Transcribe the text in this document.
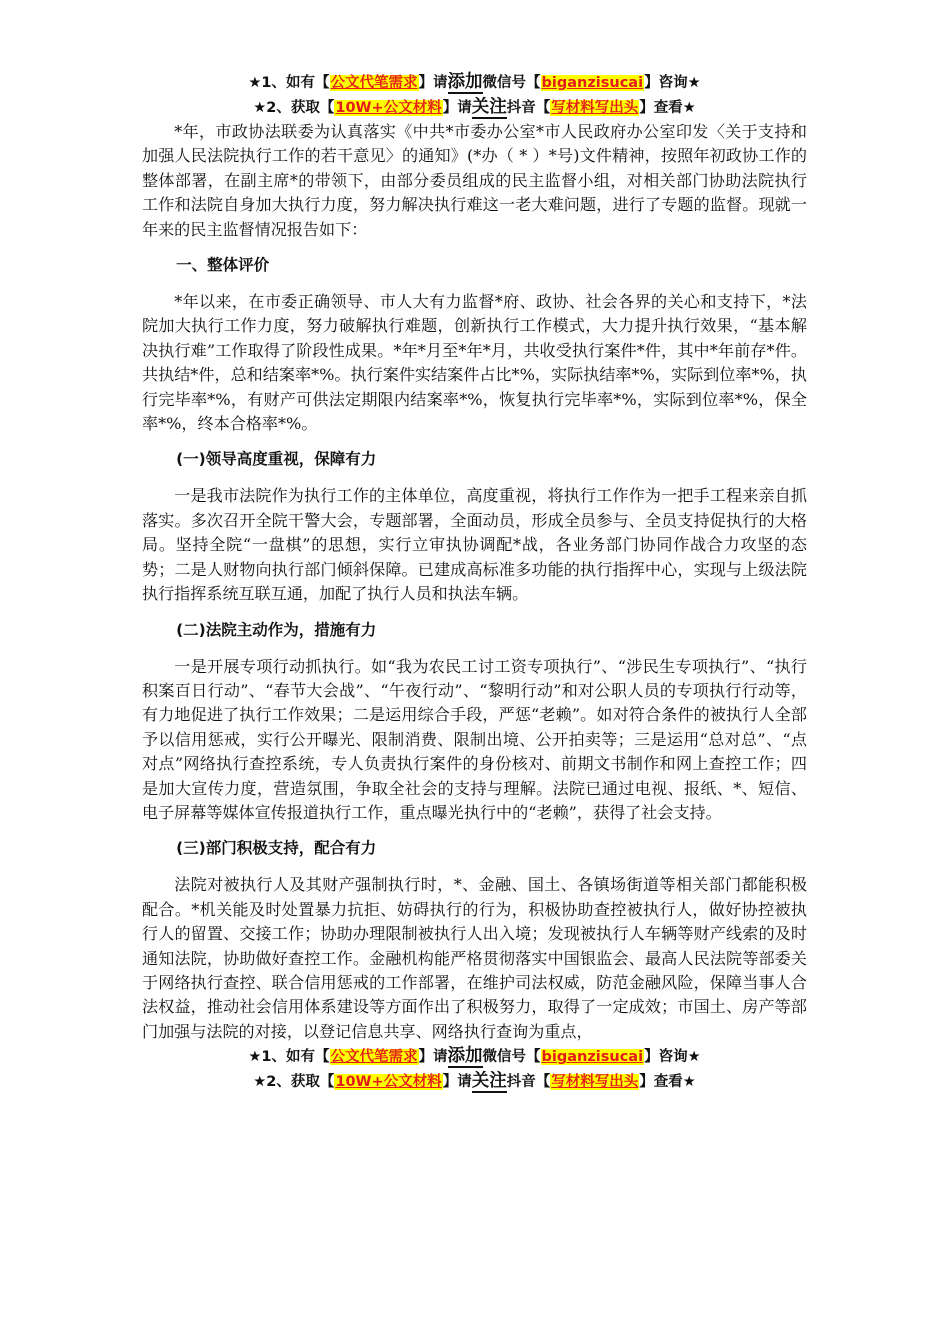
★1、如有【公文代笔需求】请添加微信号【biganzisucai】咨询★
★2、获取【10W+公文材料】请关注抖音【写材料写出头】查看★

*年，市政协法联委为认真落实《中共*市委办公室*市人民政府办公室印发〈关于支持和加强人民法院执行工作的若干意见〉的通知》(*办（ * ）*号)文件精神，按照年初政协工作的整体部署，在副主席*的带领下，由部分委员组成的民主监督小组，对相关部门协助法院执行工作和法院自身加大执行力度，努力解决执行难这一老大难问题，进行了专题的监督。现就一年来的民主监督情况报告如下：

一、整体评价

*年以来，在市委正确领导、市人大有力监督*府、政协、社会各界的关心和支持下，*法院加大执行工作力度，努力破解执行难题，创新执行工作模式，大力提升执行效果，“基本解决执行难”工作取得了阶段性成果。*年*月至*年*月，共收受执行案件*件，其中*年前存*件。共执结*件，总和结案率*%。执行案件实结案件占比*%，实际执结率*%，实际到位率*%，执行完毕率*%，有财产可供法定期限内结案率*%，恢复执行完毕率*%，实际到位率*%，保全率*%，终本合格率*%。

(一)领导高度重视，保障有力

一是我市法院作为执行工作的主体单位，高度重视，将执行工作作为一把手工程来亲自抓落实。多次召开全院干警大会，专题部署，全面动员，形成全员参与、全员支持促执行的大格局。坚持全院“一盘棋”的思想，实行立审执协调配*战，各业务部门协同作战合力攻坚的态势；二是人财物向执行部门倾斜保障。已建成高标准多功能的执行指挥中心，实现与上级法院执行指挥系统互联互通，加配了执行人员和执法车辆。

(二)法院主动作为，措施有力

一是开展专项行动抓执行。如“我为农民工讨工资专项执行”、“涉民生专项执行”、“执行积案百日行动”、“春节大会战”、“午夜行动”、“黎明行动”和对公职人员的专项执行行动等，有力地促进了执行工作效果；二是运用综合手段，严惩“老赖”。如对符合条件的被执行人全部予以信用惩戒，实行公开曝光、限制消费、限制出境、公开拍卖等；三是运用“总对总”、“点对点”网络执行查控系统，专人负责执行案件的身份核对、前期文书制作和网上查控工作；四是加大宣传力度，营造氛围，争取全社会的支持与理解。法院已通过电视、报纸、*、短信、电子屏幕等媒体宣传报道执行工作，重点曝光执行中的“老赖”，获得了社会支持。

(三)部门积极支持，配合有力

法院对被执行人及其财产强制执行时，*、金融、国土、各镇场街道等相关部门都能积极配合。*机关能及时处置暴力抗拒、妨碍执行的行为，积极协助查控被执行人，做好协控被执行人的留置、交接工作；协助办理限制被执行人出入境；发现被执行人车辆等财产线索的及时通知法院，协助做好查控工作。金融机构能严格贯彻落实中国银监会、最高人民法院等部委关于网络执行查控、联合信用惩戒的工作部署，在维护司法权威，防范金融风险，保障当事人合法权益，推动社会信用体系建设等方面作出了积极努力，取得了一定成效；市国土、房产等部门加强与法院的对接，以登记信息共享、网络执行查询为重点，

★1、如有【公文代笔需求】请添加微信号【biganzisucai】咨询★
★2、获取【10W+公文材料】请关注抖音【写材料写出头】查看★
